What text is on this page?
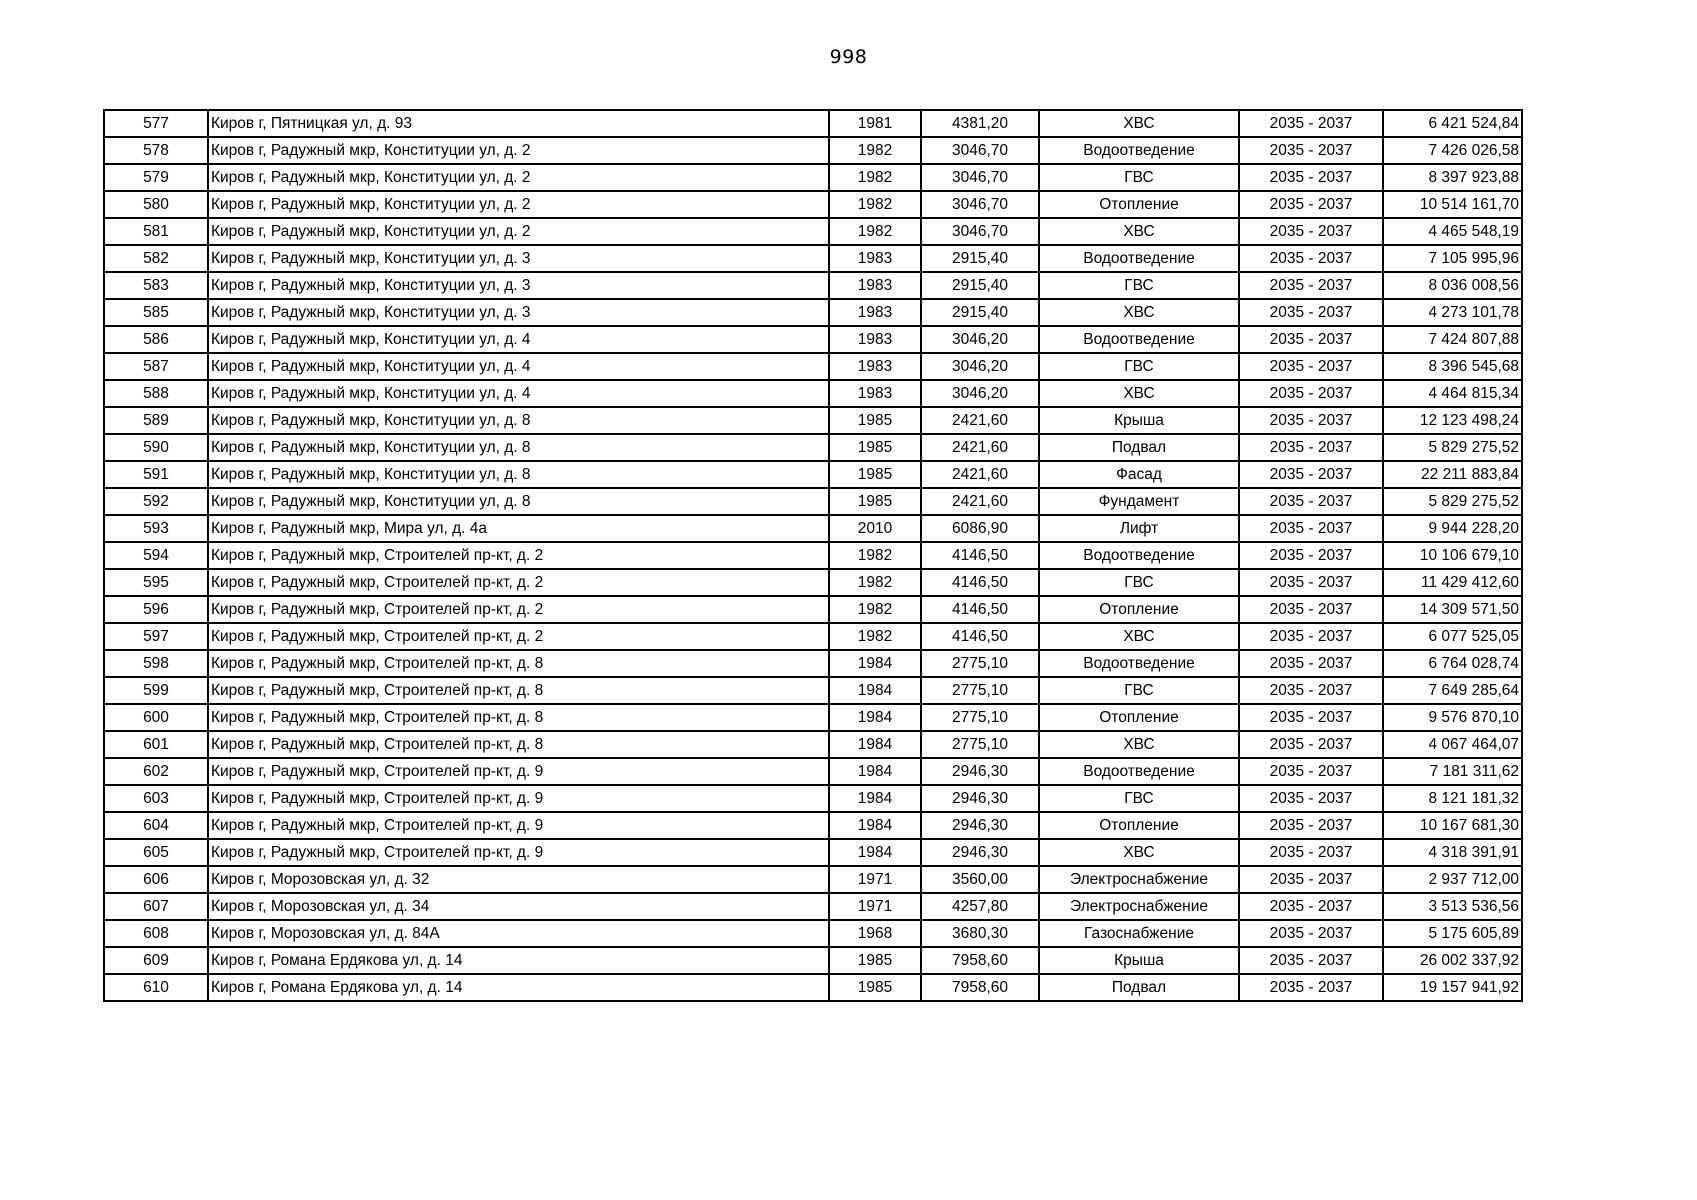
998
577	Киров г, Пятницкая ул, д. 93	1981	4381,20	ХВС	2035 - 2037	6 421 524,84
578	Киров г, Радужный мкр, Конституции ул, д. 2	1982	3046,70	Водоотведение	2035 - 2037	7 426 026,58
579	Киров г, Радужный мкр, Конституции ул, д. 2	1982	3046,70	ГВС	2035 - 2037	8 397 923,88
580	Киров г, Радужный мкр, Конституции ул, д. 2	1982	3046,70	Отопление	2035 - 2037	10 514 161,70
581	Киров г, Радужный мкр, Конституции ул, д. 2	1982	3046,70	ХВС	2035 - 2037	4 465 548,19
582	Киров г, Радужный мкр, Конституции ул, д. 3	1983	2915,40	Водоотведение	2035 - 2037	7 105 995,96
583	Киров г, Радужный мкр, Конституции ул, д. 3	1983	2915,40	ГВС	2035 - 2037	8 036 008,56
585	Киров г, Радужный мкр, Конституции ул, д. 3	1983	2915,40	ХВС	2035 - 2037	4 273 101,78
586	Киров г, Радужный мкр, Конституции ул, д. 4	1983	3046,20	Водоотведение	2035 - 2037	7 424 807,88
587	Киров г, Радужный мкр, Конституции ул, д. 4	1983	3046,20	ГВС	2035 - 2037	8 396 545,68
588	Киров г, Радужный мкр, Конституции ул, д. 4	1983	3046,20	ХВС	2035 - 2037	4 464 815,34
589	Киров г, Радужный мкр, Конституции ул, д. 8	1985	2421,60	Крыша	2035 - 2037	12 123 498,24
590	Киров г, Радужный мкр, Конституции ул, д. 8	1985	2421,60	Подвал	2035 - 2037	5 829 275,52
591	Киров г, Радужный мкр, Конституции ул, д. 8	1985	2421,60	Фасад	2035 - 2037	22 211 883,84
592	Киров г, Радужный мкр, Конституции ул, д. 8	1985	2421,60	Фундамент	2035 - 2037	5 829 275,52
593	Киров г, Радужный мкр, Мира ул, д. 4а	2010	6086,90	Лифт	2035 - 2037	9 944 228,20
594	Киров г, Радужный мкр, Строителей пр-кт, д. 2	1982	4146,50	Водоотведение	2035 - 2037	10 106 679,10
595	Киров г, Радужный мкр, Строителей пр-кт, д. 2	1982	4146,50	ГВС	2035 - 2037	11 429 412,60
596	Киров г, Радужный мкр, Строителей пр-кт, д. 2	1982	4146,50	Отопление	2035 - 2037	14 309 571,50
597	Киров г, Радужный мкр, Строителей пр-кт, д. 2	1982	4146,50	ХВС	2035 - 2037	6 077 525,05
598	Киров г, Радужный мкр, Строителей пр-кт, д. 8	1984	2775,10	Водоотведение	2035 - 2037	6 764 028,74
599	Киров г, Радужный мкр, Строителей пр-кт, д. 8	1984	2775,10	ГВС	2035 - 2037	7 649 285,64
600	Киров г, Радужный мкр, Строителей пр-кт, д. 8	1984	2775,10	Отопление	2035 - 2037	9 576 870,10
601	Киров г, Радужный мкр, Строителей пр-кт, д. 8	1984	2775,10	ХВС	2035 - 2037	4 067 464,07
602	Киров г, Радужный мкр, Строителей пр-кт, д. 9	1984	2946,30	Водоотведение	2035 - 2037	7 181 311,62
603	Киров г, Радужный мкр, Строителей пр-кт, д. 9	1984	2946,30	ГВС	2035 - 2037	8 121 181,32
604	Киров г, Радужный мкр, Строителей пр-кт, д. 9	1984	2946,30	Отопление	2035 - 2037	10 167 681,30
605	Киров г, Радужный мкр, Строителей пр-кт, д. 9	1984	2946,30	ХВС	2035 - 2037	4 318 391,91
606	Киров г, Морозовская ул, д. 32	1971	3560,00	Электроснабжение	2035 - 2037	2 937 712,00
607	Киров г, Морозовская ул, д. 34	1971	4257,80	Электроснабжение	2035 - 2037	3 513 536,56
608	Киров г, Морозовская ул, д. 84А	1968	3680,30	Газоснабжение	2035 - 2037	5 175 605,89
609	Киров г, Романа Ердякова ул, д. 14	1985	7958,60	Крыша	2035 - 2037	26 002 337,92
610	Киров г, Романа Ердякова ул, д. 14	1985	7958,60	Подвал	2035 - 2037	19 157 941,92
